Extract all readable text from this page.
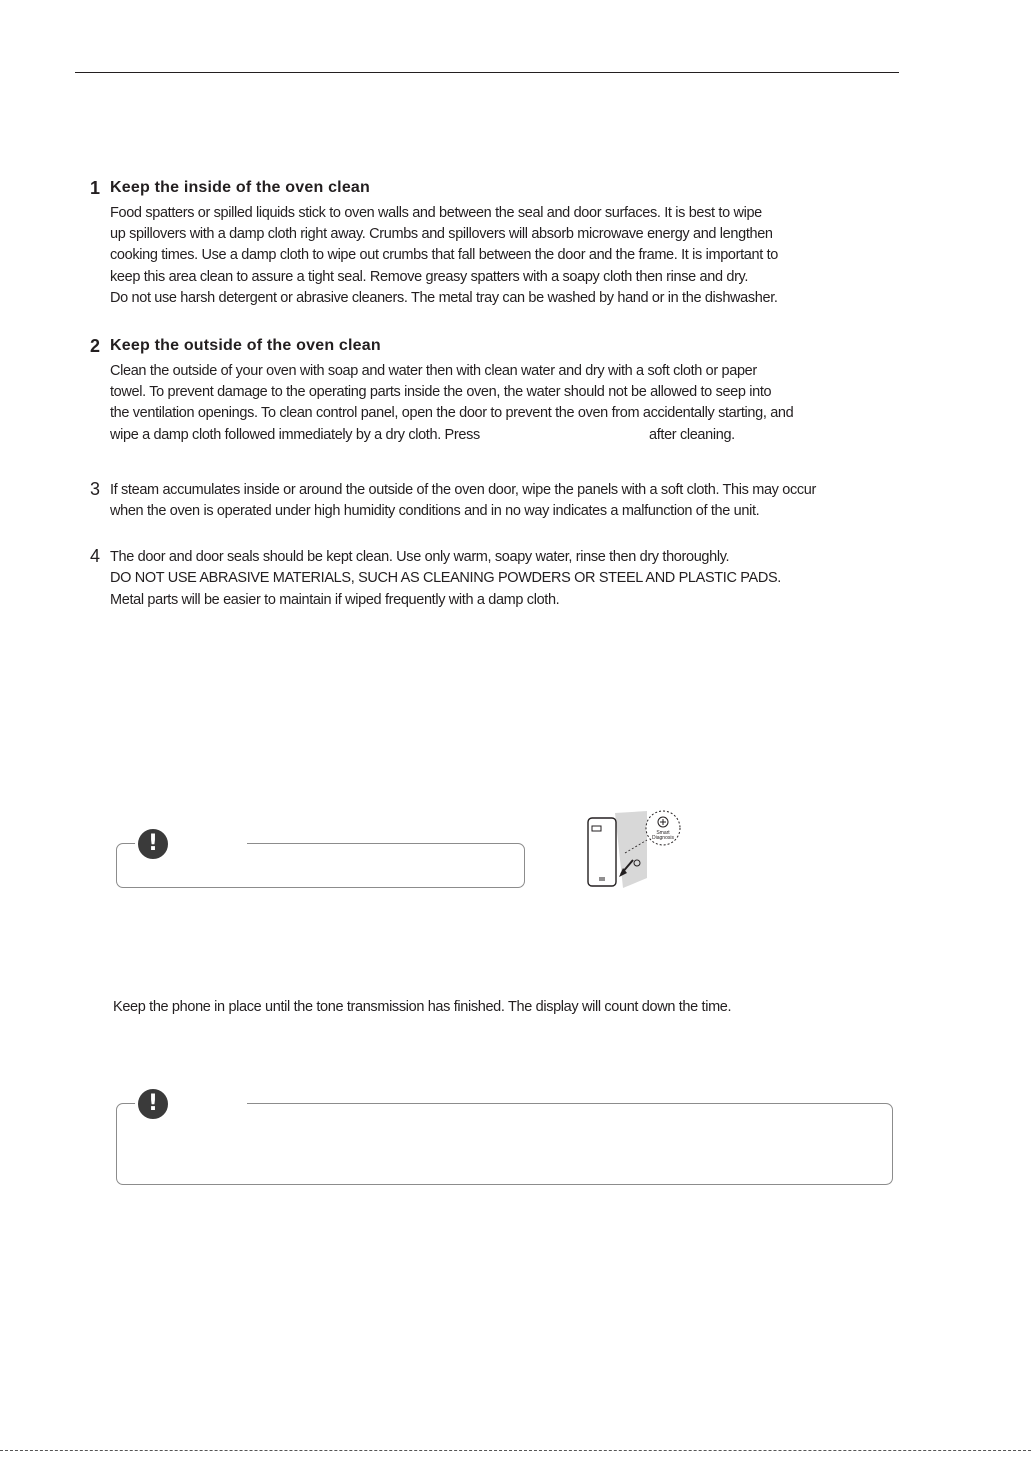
1 Keep the inside of the oven clean
Food spatters or spilled liquids stick to oven walls and between the seal and door surfaces. It is best to wipe
up spillovers with a damp cloth right away. Crumbs and spillovers will absorb microwave energy and lengthen
cooking times. Use a damp cloth to wipe out crumbs that fall between the door and the frame. It is important to
keep this area clean to assure a tight seal. Remove greasy spatters with a soapy cloth then rinse and dry.
Do not use harsh detergent or abrasive cleaners. The metal tray can be washed by hand or in the dishwasher.
2 Keep the outside of the oven clean
Clean the outside of your oven with soap and water then with clean water and dry with a soft cloth or paper
towel. To prevent damage to the operating parts inside the oven, the water should not be allowed to seep into
the ventilation openings. To clean control panel, open the door to prevent the oven from accidentally starting, and
wipe a damp cloth followed immediately by a dry cloth. Press	after cleaning.
3 If steam accumulates inside or around the outside of the oven door, wipe the panels with a soft cloth. This may occur
when the oven is operated under high humidity conditions and in no way indicates a malfunction of the unit.
4 The door and door seals should be kept clean. Use only warm, soapy water, rinse then dry thoroughly.
DO NOT USE ABRASIVE MATERIALS, SUCH AS CLEANING POWDERS OR STEEL AND PLASTIC PADS.
Metal parts will be easier to maintain if wiped frequently with a damp cloth.
!	Smart
Diagnosis
Keep the phone in place until the tone transmission has finished. The display will count down the time.
!
